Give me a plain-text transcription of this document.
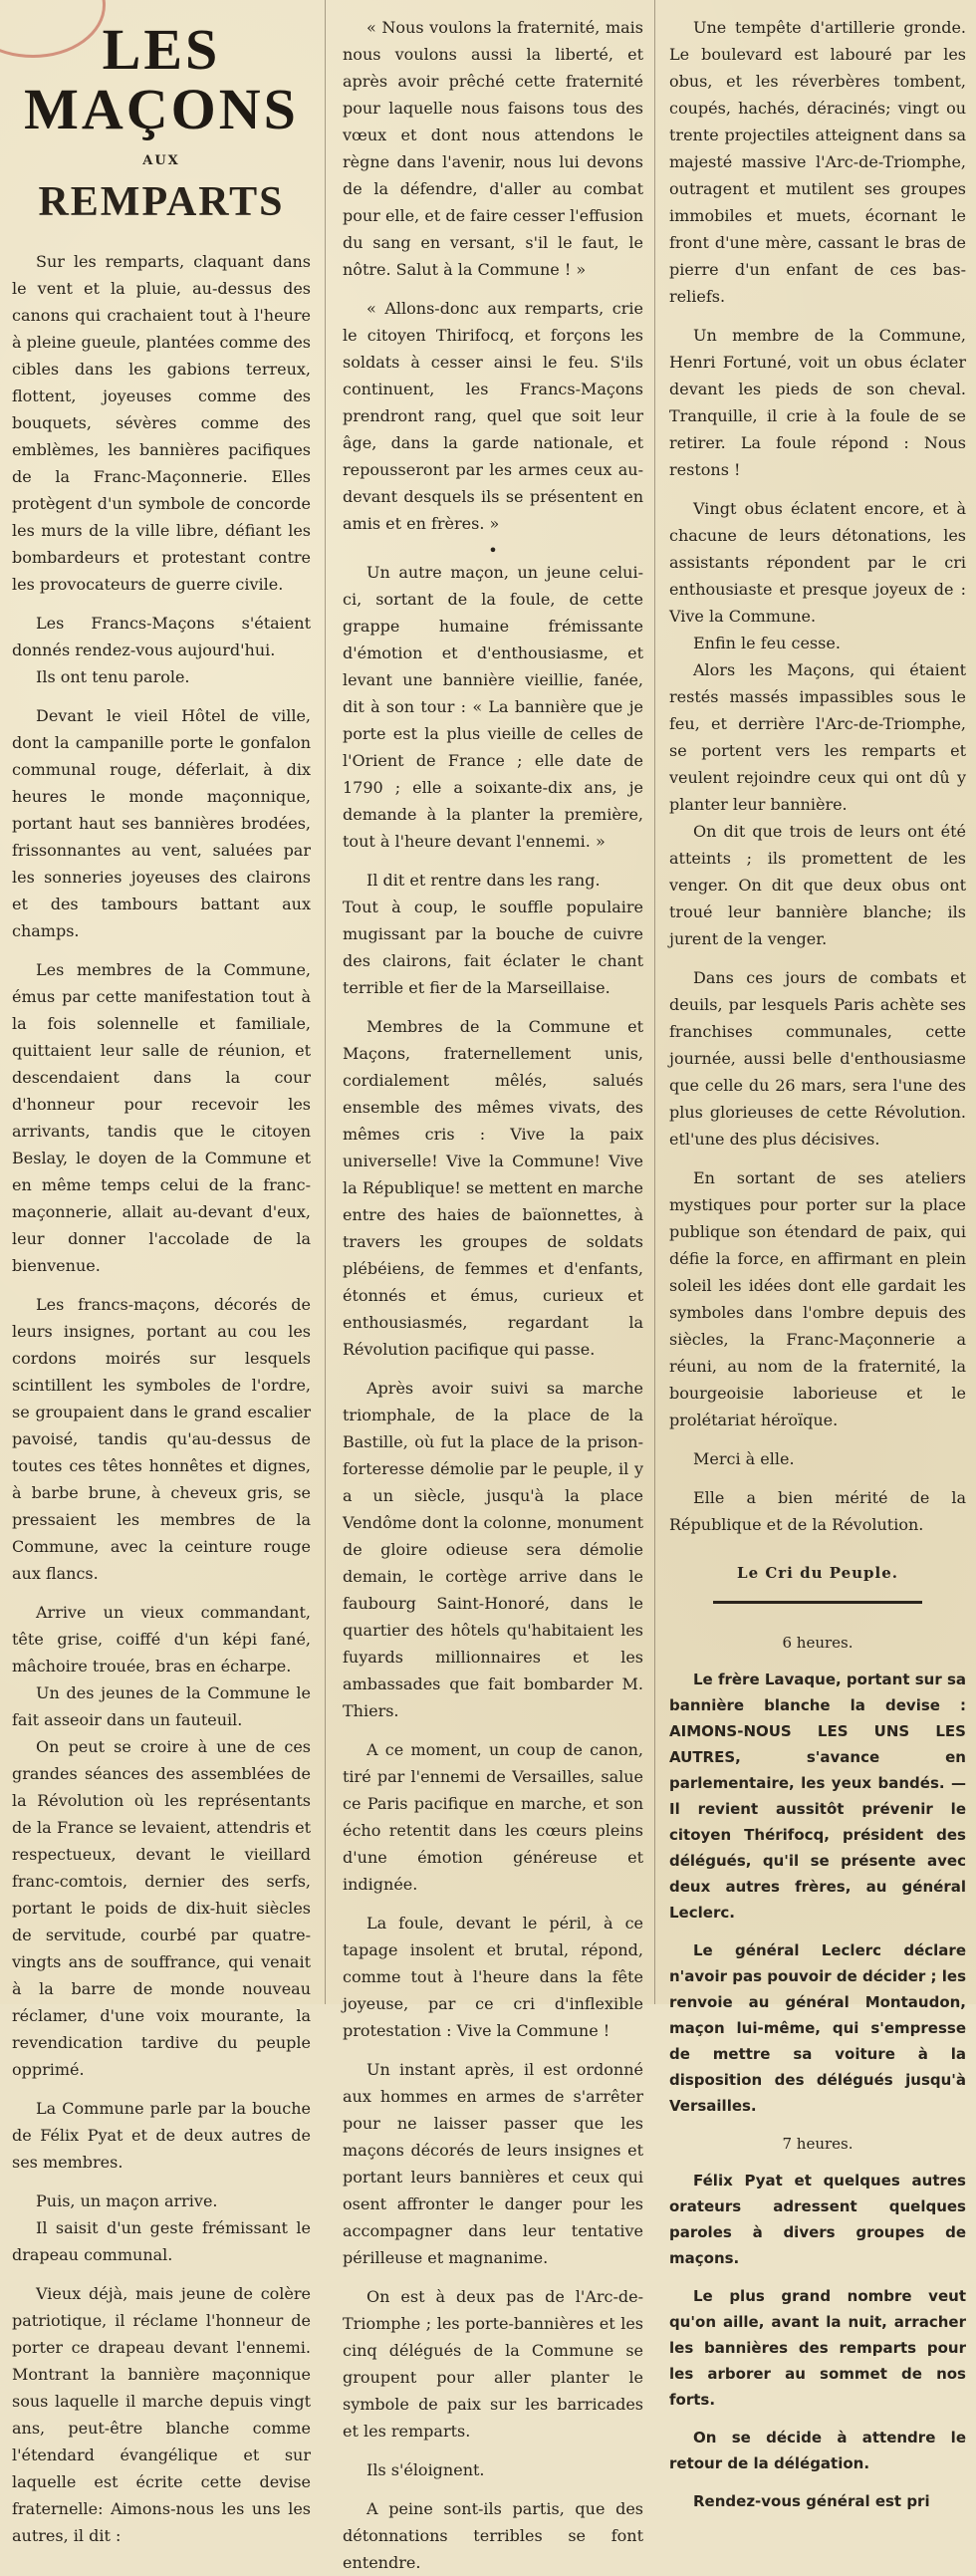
LES MAÇONS
AUX
REMPARTS

Sur les remparts, claquant dans le vent et la pluie, au-dessus des canons qui crachaient tout à l'heure à pleine gueule, plantées comme des cibles dans les gabions terreux, flottent, joyeuses comme des bouquets, sévères comme des emblèmes, les bannières pacifiques de la Franc-Maçonnerie. Elles protègent d'un symbole de concorde les murs de la ville libre, défiant les bombardeurs et protestant contre les provocateurs de guerre civile.

Les Francs-Maçons s'étaient donnés rendez-vous aujourd'hui.

Ils ont tenu parole.

Devant le vieil Hôtel de ville, dont la campanille porte le gonfalon communal rouge, déferlait, à dix heures le monde maçonnique, portant haut ses bannières brodées, frissonnantes au vent, saluées par les sonneries joyeuses des clairons et des tambours battant aux champs.

Les membres de la Commune, émus par cette manifestation tout à la fois solennelle et familiale, quittaient leur salle de réunion, et descendaient dans la cour d'honneur pour recevoir les arrivants, tandis que le citoyen Beslay, le doyen de la Commune et en même temps celui de la franc-maçonnerie, allait au-devant d'eux, leur donner l'accolade de la bienvenue.

Les francs-maçons, décorés de leurs insignes, portant au cou les cordons moirés sur lesquels scintillent les symboles de l'ordre, se groupaient dans le grand escalier pavoisé, tandis qu'au-dessus de toutes ces têtes honnêtes et dignes, à barbe brune, à cheveux gris, se pressaient les membres de la Commune, avec la ceinture rouge aux flancs.

Arrive un vieux commandant, tête grise, coiffé d'un képi fané, mâchoire trouée, bras en écharpe.

Un des jeunes de la Commune le fait asseoir dans un fauteuil.

On peut se croire à une de ces grandes séances des assemblées de la Révolution où les représentants de la France se levaient, attendris et respectueux, devant le vieillard franc-comtois, dernier des serfs, portant le poids de dix-huit siècles de servitude, courbé par quatre-vingts ans de souffrance, qui venait à la barre de monde nouveau réclamer, d'une voix mourante, la revendication tardive du peuple opprimé.

La Commune parle par la bouche de Félix Pyat et de deux autres de ses membres.

Puis, un maçon arrive.

Il saisit d'un geste frémissant le drapeau communal.

Vieux déjà, mais jeune de colère patriotique, il réclame l'honneur de porter ce drapeau devant l'ennemi. Montrant la bannière maçonnique sous laquelle il marche depuis vingt ans, peut-être blanche comme l'étendard évangélique et sur laquelle est écrite cette devise fraternelle: Aimons-nous les uns les autres, il dit :

« Nous voulons la fraternité, mais nous voulons aussi la liberté, et après avoir prêché cette fraternité pour laquelle nous faisons tous des vœux et dont nous attendons le règne dans l'avenir, nous lui devons de la défendre, d'aller au combat pour elle, et de faire cesser l'effusion du sang en versant, s'il le faut, le nôtre. Salut à la Commune ! »

« Allons-donc aux remparts, crie le citoyen Thirifocq, et forçons les soldats à cesser ainsi le feu. S'ils continuent, les Francs-Maçons prendront rang, quel que soit leur âge, dans la garde nationale, et repousseront par les armes ceux au-devant desquels ils se présentent en amis et en frères. »

•

Un autre maçon, un jeune celui-ci, sortant de la foule, de cette grappe humaine frémissante d'émotion et d'enthousiasme, et levant une bannière vieillie, fanée, dit à son tour : « La bannière que je porte est la plus vieille de celles de l'Orient de France ; elle date de 1790 ; elle a soixante-dix ans, je demande à la planter la première, tout à l'heure devant l'ennemi. »

Il dit et rentre dans les rang.

Tout à coup, le souffle populaire mugissant par la bouche de cuivre des clairons, fait éclater le chant terrible et fier de la Marseillaise.

Membres de la Commune et Maçons, fraternellement unis, cordialement mêlés, salués ensemble des mêmes vivats, des mêmes cris : Vive la paix universelle! Vive la Commune! Vive la République! se mettent en marche entre des haies de baïonnettes, à travers les groupes de soldats plébéiens, de femmes et d'enfants, étonnés et émus, curieux et enthousiasmés, regardant la Révolution pacifique qui passe.

Après avoir suivi sa marche triomphale, de la place de la Bastille, où fut la place de la prison-forteresse démolie par le peuple, il y a un siècle, jusqu'à la place Vendôme dont la colonne, monument de gloire odieuse sera démolie demain, le cortège arrive dans le faubourg Saint-Honoré, dans le quartier des hôtels qu'habitaient les fuyards millionnaires et les ambassades que fait bombarder M. Thiers.

A ce moment, un coup de canon, tiré par l'ennemi de Versailles, salue ce Paris pacifique en marche, et son écho retentit dans les cœurs pleins d'une émotion généreuse et indignée.

La foule, devant le péril, à ce tapage insolent et brutal, répond, comme tout à l'heure dans la fête joyeuse, par ce cri d'inflexible protestation : Vive la Commune !

Un instant après, il est ordonné aux hommes en armes de s'arrêter pour ne laisser passer que les maçons décorés de leurs insignes et portant leurs bannières et ceux qui osent affronter le danger pour les accompagner dans leur tentative périlleuse et magnanime.

On est à deux pas de l'Arc-de-Triomphe ; les porte-bannières et les cinq délégués de la Commune se groupent pour aller planter le symbole de paix sur les barricades et les remparts.

Ils s'éloignent.

A peine sont-ils partis, que des détonnations terribles se font entendre.

Une tempête d'artillerie gronde. Le boulevard est labouré par les obus, et les réverbères tombent, coupés, hachés, déracinés; vingt ou trente projectiles atteignent dans sa majesté massive l'Arc-de-Triomphe, outragent et mutilent ses groupes immobiles et muets, écornant le front d'une mère, cassant le bras de pierre d'un enfant de ces bas-reliefs.

Un membre de la Commune, Henri Fortuné, voit un obus éclater devant les pieds de son cheval. Tranquille, il crie à la foule de se retirer. La foule répond : Nous restons !

Vingt obus éclatent encore, et à chacune de leurs détonations, les assistants répondent par le cri enthousiaste et presque joyeux de : Vive la Commune.

Enfin le feu cesse.

Alors les Maçons, qui étaient restés massés impassibles sous le feu, et derrière l'Arc-de-Triomphe, se portent vers les remparts et veulent rejoindre ceux qui ont dû y planter leur bannière.

On dit que trois de leurs ont été atteints ; ils promettent de les venger. On dit que deux obus ont troué leur bannière blanche; ils jurent de la venger.

Dans ces jours de combats et deuils, par lesquels Paris achète ses franchises communales, cette journée, aussi belle d'enthousiasme que celle du 26 mars, sera l'une des plus glorieuses de cette Révolution. etl'une des plus décisives.

En sortant de ses ateliers mystiques pour porter sur la place publique son étendard de paix, qui défie la force, en affirmant en plein soleil les idées dont elle gardait les symboles dans l'ombre depuis des siècles, la Franc-Maçonnerie a réuni, au nom de la fraternité, la bourgeoisie laborieuse et le prolétariat héroïque.

Merci à elle.

Elle a bien mérité de la République et de la Révolution.

Le Cri du Peuple.
6 heures.

Le frère Lavaque, portant sur sa bannière blanche la devise : AIMONS-NOUS LES UNS LES AUTRES, s'avance en parlementaire, les yeux bandés. — Il revient aussitôt prévenir le citoyen Thérifocq, président des délégués, qu'il se présente avec deux autres frères, au général Leclerc.

Le général Leclerc déclare n'avoir pas pouvoir de décider ; les renvoie au général Montaudon, maçon lui-même, qui s'empresse de mettre sa voiture à la disposition des délégués jusqu'à Versailles.

7 heures.

Félix Pyat et quelques autres orateurs adressent quelques paroles à divers groupes de maçons.

Le plus grand nombre veut qu'on aille, avant la nuit, arracher les bannières des remparts pour les arborer au sommet de nos forts.

On se décide à attendre le retour de la délégation.

Rendez-vous général est pri
